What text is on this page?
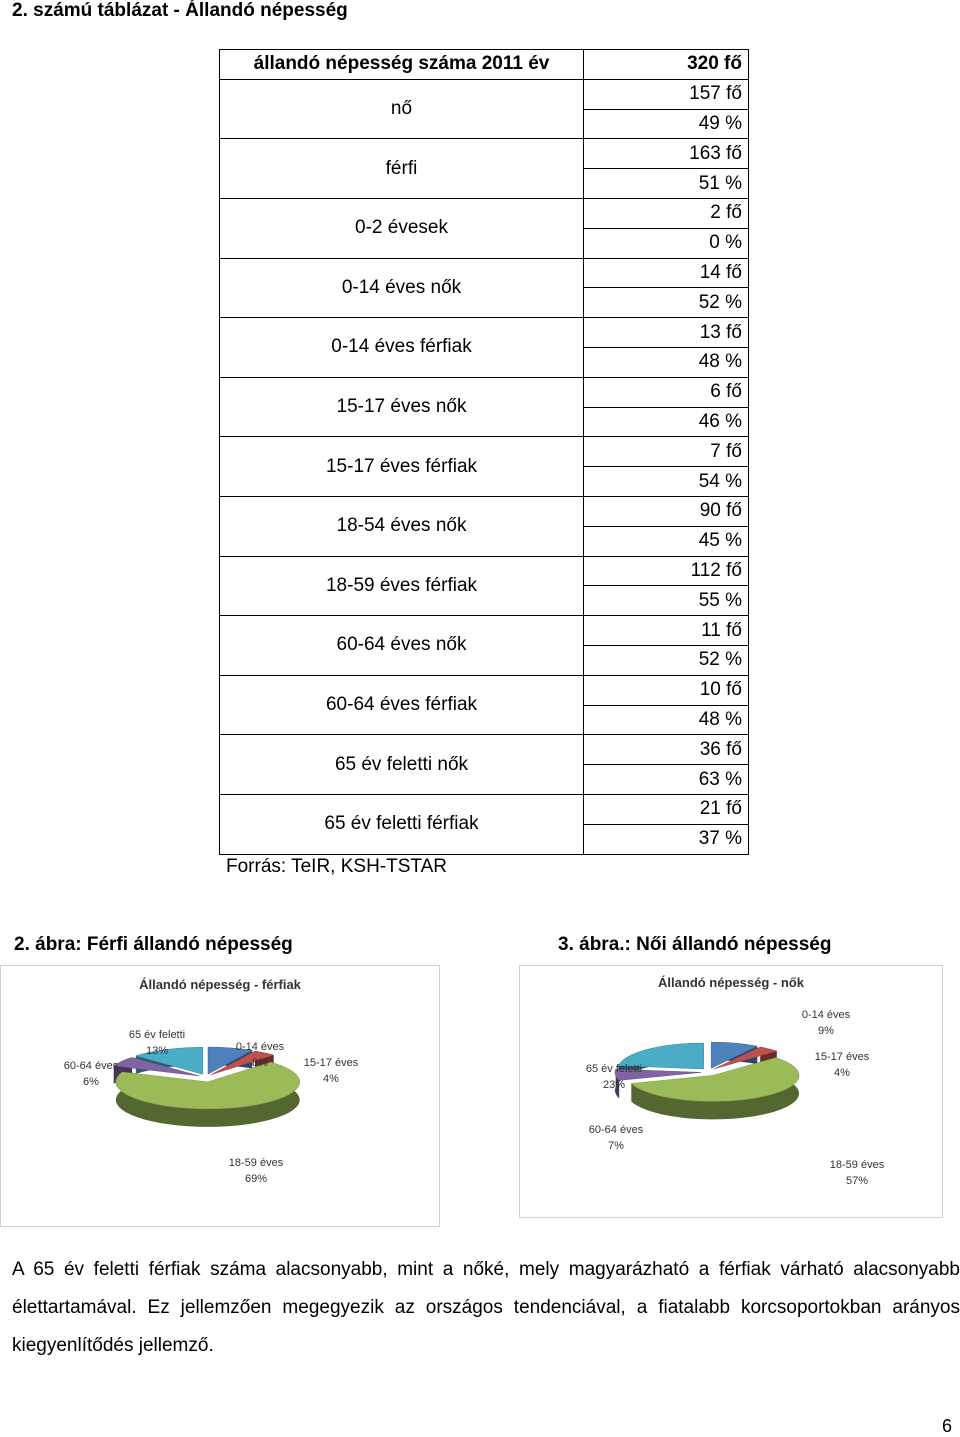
2. számú táblázat - Állandó népesség
állandó népesség száma 2011 év	320 fő
nő	157 fő
	49 %
férfi	163 fő
	51 %
0-2 évesek	2 fő
	0 %
0-14 éves nők	14 fő
	52 %
0-14 éves férfiak	13 fő
	48 %
15-17 éves nők	6 fő
	46 %
15-17 éves férfiak	7 fő
	54 %
18-54 éves nők	90 fő
	45 %
18-59 éves férfiak	112 fő
	55 %
60-64 éves nők	11 fő
	52 %
60-64 éves férfiak	10 fő
	48 %
65 év feletti nők	36 fő
	63 %
65 év feletti férfiak	21 fő
	37 %
Forrás: TeIR, KSH-TSTAR
2. ábra: Férfi állandó népesség	3. ábra.: Női állandó népesség
Állandó népesség - férfiak
0-14 éves 8%	15-17 éves 4%
18-59 éves 69%
60-64 éves 6%
65 év feletti 13%
Állandó népesség - nők
0-14 éves 9%
15-17 éves 4%
18-59 éves 57%
60-64 éves 7%
65 év feletti 23%
A 65 év feletti férfiak száma alacsonyabb, mint a nőké, mely magyarázható a férfiak várható alacsonyabb élettartamával. Ez jellemzően megegyezik az országos tendenciával, a fiatalabb korcsoportokban arányos kiegyenlítődés jellemző.
6
